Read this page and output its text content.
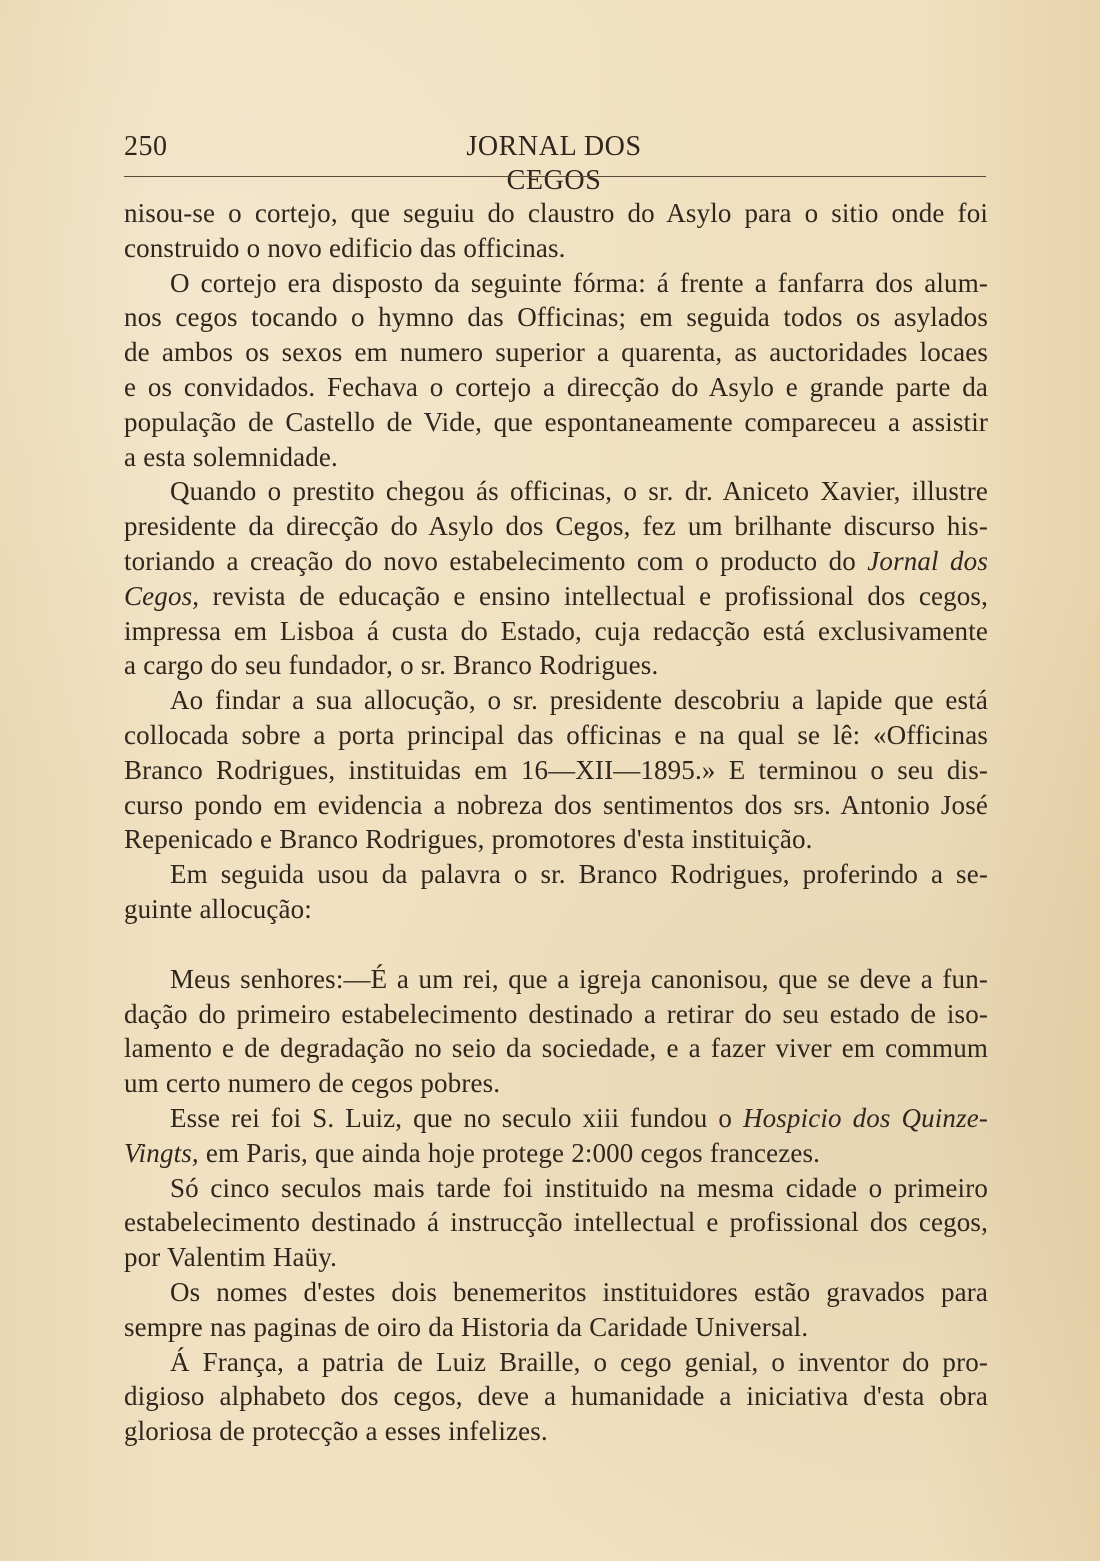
250	JORNAL DOS CEGOS
nisou-se o cortejo, que seguiu do claustro do Asylo para o sitio onde foi
construido o novo edificio das officinas.
O cortejo era disposto da seguinte fórma: á frente a fanfarra dos alum-
nos cegos tocando o hymno das Officinas; em seguida todos os asylados
de ambos os sexos em numero superior a quarenta, as auctoridades locaes
e os convidados. Fechava o cortejo a direcção do Asylo e grande parte da
população de Castello de Vide, que espontaneamente compareceu a assistir
a esta solemnidade.
Quando o prestito chegou ás officinas, o sr. dr. Aniceto Xavier, illustre
presidente da direcção do Asylo dos Cegos, fez um brilhante discurso his-
toriando a creação do novo estabelecimento com o producto do Jornal dos
Cegos, revista de educação e ensino intellectual e profissional dos cegos,
impressa em Lisboa á custa do Estado, cuja redacção está exclusivamente
a cargo do seu fundador, o sr. Branco Rodrigues.
Ao findar a sua allocução, o sr. presidente descobriu a lapide que está
collocada sobre a porta principal das officinas e na qual se lê: «Officinas
Branco Rodrigues, instituidas em 16—XII—1895.» E terminou o seu dis-
curso pondo em evidencia a nobreza dos sentimentos dos srs. Antonio José
Repenicado e Branco Rodrigues, promotores d'esta instituição.
Em seguida usou da palavra o sr. Branco Rodrigues, proferindo a se-
guinte allocução:
Meus senhores:—É a um rei, que a igreja canonisou, que se deve a fun-
dação do primeiro estabelecimento destinado a retirar do seu estado de iso-
lamento e de degradação no seio da sociedade, e a fazer viver em commum
um certo numero de cegos pobres.
Esse rei foi S. Luiz, que no seculo xiii fundou o Hospicio dos Quinze-
Vingts, em Paris, que ainda hoje protege 2:000 cegos francezes.
Só cinco seculos mais tarde foi instituido na mesma cidade o primeiro
estabelecimento destinado á instrucção intellectual e profissional dos cegos,
por Valentim Haüy.
Os nomes d'estes dois benemeritos instituidores estão gravados para
sempre nas paginas de oiro da Historia da Caridade Universal.
Á França, a patria de Luiz Braille, o cego genial, o inventor do pro-
digioso alphabeto dos cegos, deve a humanidade a iniciativa d'esta obra
gloriosa de protecção a esses infelizes.
